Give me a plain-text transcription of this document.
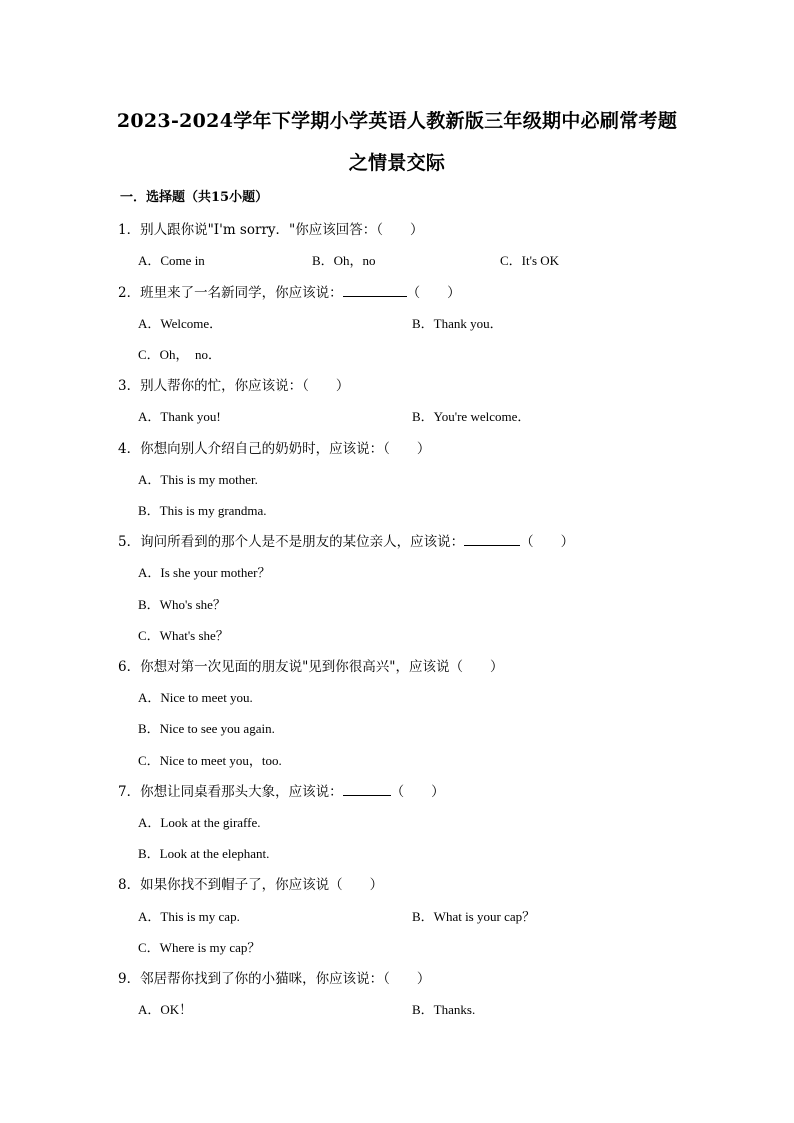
2023-2024学年下学期小学英语人教新版三年级期中必刷常考题
之情景交际
一．选择题（共15小题）
1．别人跟你说"I'm sorry．"你应该回答：（　　）
A．Come in	B．Oh，no	C．It's OK
2．班里来了一名新同学，你应该说：	（　　）
A．Welcome．	B．Thank you．
C．Oh，　no．
3．别人帮你的忙，你应该说：（　　）
A．Thank you!	B．You're welcome．
4．你想向别人介绍自己的奶奶时，应该说：（　　）
A．This is my mother.
B．This is my grandma.
5．询问所看到的那个人是不是朋友的某位亲人，应该说：	（　　）
A．Is she your mother？
B．Who's she？
C．What's she？
6．你想对第一次见面的朋友说"见到你很高兴"，应该说（　　）
A．Nice to meet you.
B．Nice to see you again.
C．Nice to meet you，too.
7．你想让同桌看那头大象，应该说：	（　　）
A．Look at the giraffe.
B．Look at the elephant.
8．如果你找不到帽子了，你应该说（　　）
A．This is my cap.	B．What is your cap？
C．Where is my cap？
9．邻居帮你找到了你的小猫咪，你应该说：（　　）
A．OK！	B．Thanks.
